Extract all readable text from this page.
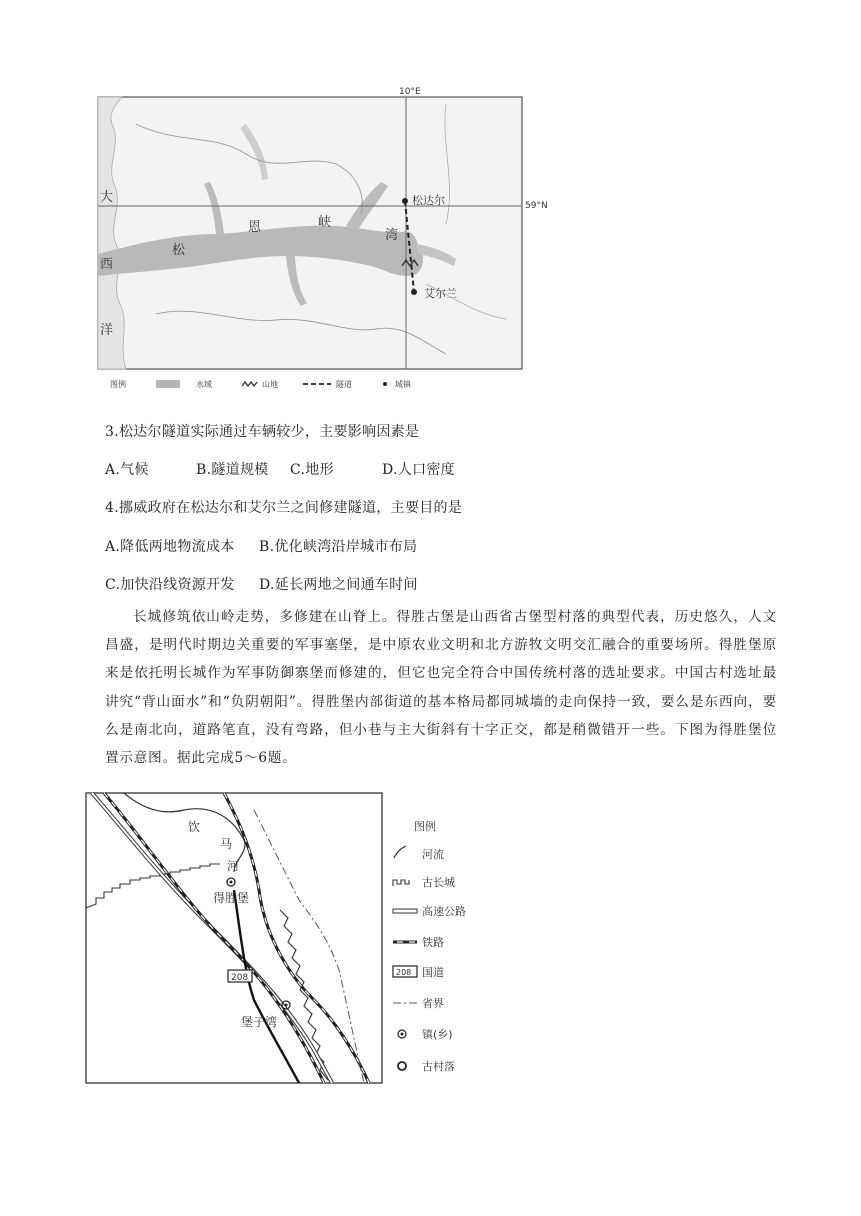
10°E
59°N
大
西
洋
松
恩	峡
湾
松达尔
艾尔兰
图例	水域	山地	隧道	城镇
3.松达尔隧道实际通过车辆较少，主要影响因素是
A.气候	B.隧道规模 C.地形	D.人口密度
4.挪威政府在松达尔和艾尔兰之间修建隧道，主要目的是
A.降低两地物流成本 B.优化峡湾沿岸城市布局
C.加快沿线资源开发 D.延长两地之间通车时间
长城修筑依山岭走势，多修建在山脊上。得胜古堡是山西省古堡型村落的典型代表，历史悠久，人文昌盛，是明代时期边关重要的军事塞堡，是中原农业文明和北方游牧文明交汇融合的重要场所。得胜堡原来是依托明长城作为军事防御寨堡而修建的，但它也完全符合中国传统村落的选址要求。中国古村选址最讲究“背山面水”和“负阴朝阳”。得胜堡内部街道的基本格局都同城墙的走向保持一致，要么是东西向，要么是南北向，道路笔直，没有弯路，但小巷与主大街斜有十字正交，都是稍微错开一些。下图为得胜堡位置示意图。据此完成5～6题。
饮
马
河
得胜堡
堡子湾
208
图例
河流
古长城
高速公路
铁路
208 国道
省界
镇(乡)
古村落
